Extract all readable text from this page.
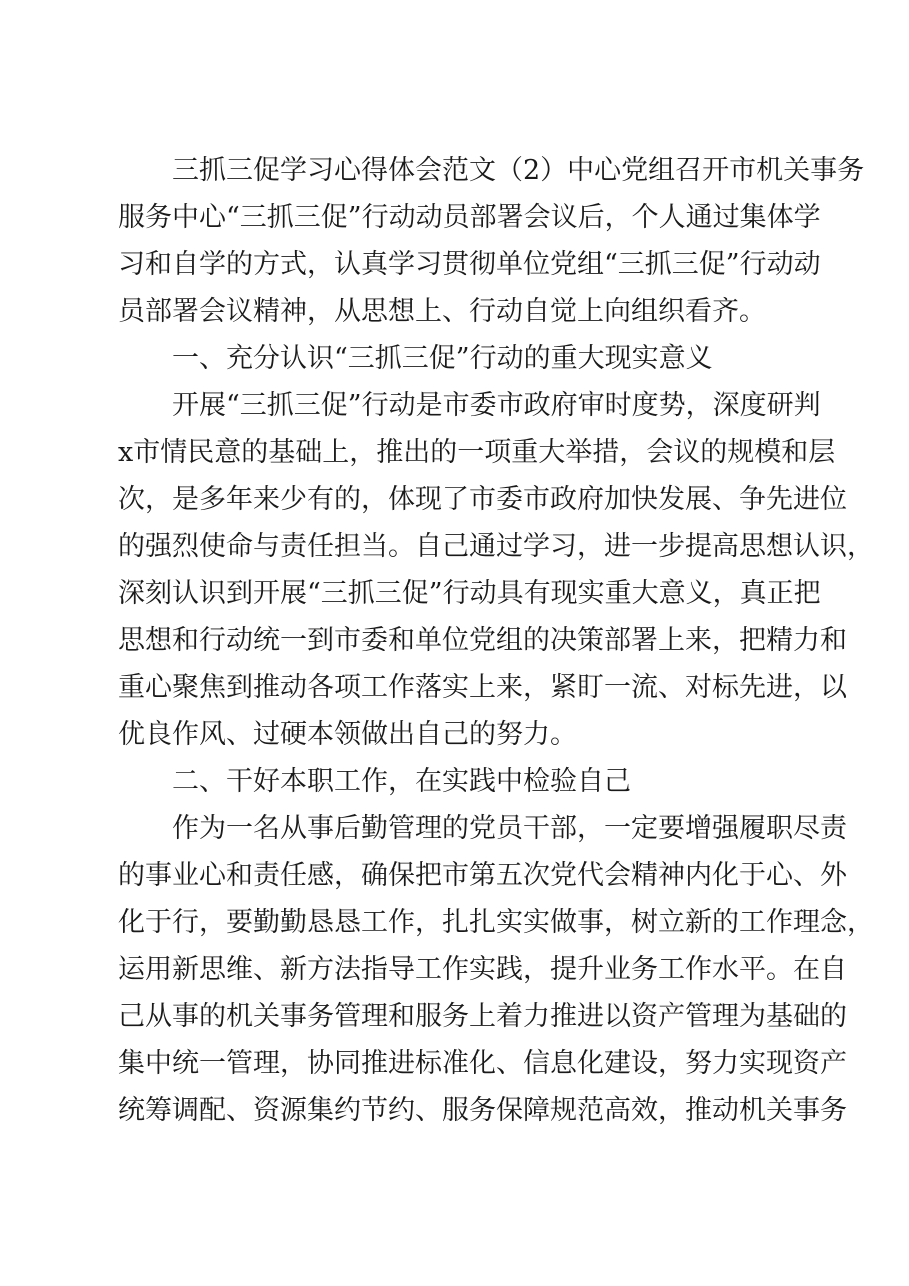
　　三抓三促学习心得体会范文（2）中心党组召开市机关事务
服务中心“三抓三促”行动动员部署会议后，个人通过集体学
习和自学的方式，认真学习贯彻单位党组“三抓三促”行动动
员部署会议精神，从思想上、行动自觉上向组织看齐。
　　一、充分认识“三抓三促”行动的重大现实意义
　　开展“三抓三促”行动是市委市政府审时度势，深度研判
x市情民意的基础上，推出的一项重大举措，会议的规模和层
次，是多年来少有的，体现了市委市政府加快发展、争先进位
的强烈使命与责任担当。自己通过学习，进一步提高思想认识，
深刻认识到开展“三抓三促”行动具有现实重大意义，真正把
思想和行动统一到市委和单位党组的决策部署上来，把精力和
重心聚焦到推动各项工作落实上来，紧盯一流、对标先进，以
优良作风、过硬本领做出自己的努力。
　　二、干好本职工作，在实践中检验自己
　　作为一名从事后勤管理的党员干部，一定要增强履职尽责
的事业心和责任感，确保把市第五次党代会精神内化于心、外
化于行，要勤勤恳恳工作，扎扎实实做事，树立新的工作理念，
运用新思维、新方法指导工作实践，提升业务工作水平。在自
己从事的机关事务管理和服务上着力推进以资产管理为基础的
集中统一管理，协同推进标准化、信息化建设，努力实现资产
统筹调配、资源集约节约、服务保障规范高效，推动机关事务
